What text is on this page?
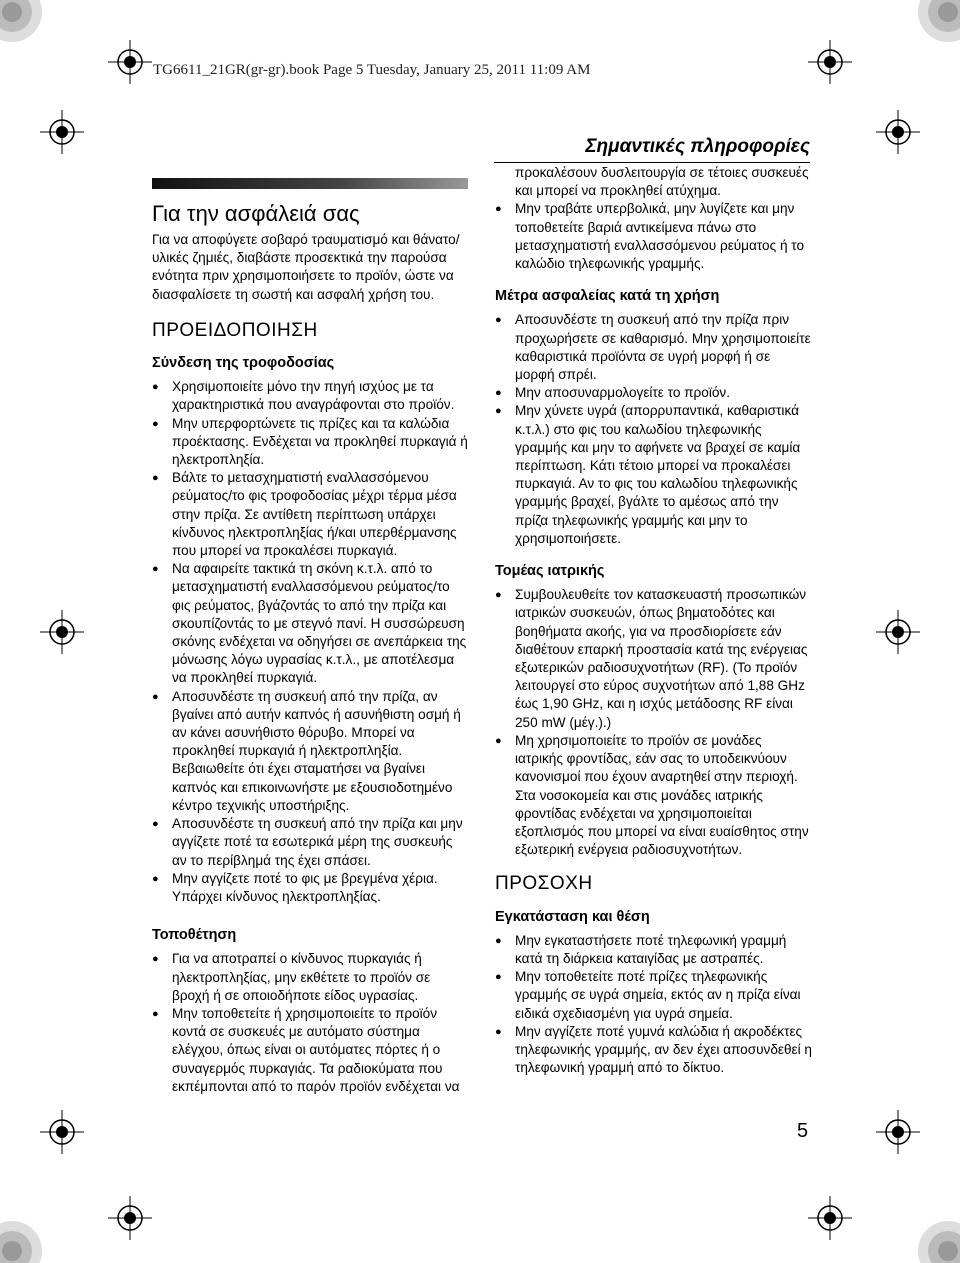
TG6611_21GR(gr-gr).book Page 5 Tuesday, January 25, 2011 11:09 AM
Σημαντικές πληροφορίες
Για την ασφάλειά σας

Για να αποφύγετε σοβαρό τραυματισμό και θάνατο/υλικές ζημιές, διαβάστε προσεκτικά την παρούσα ενότητα πριν χρησιμοποιήσετε το προϊόν, ώστε να διασφαλίσετε τη σωστή και ασφαλή χρήση του.

ΠΡΟΕΙΔΟΠΟΙΗΣΗ
Σύνδεση της τροφοδοσίας
● Χρησιμοποιείτε μόνο την πηγή ισχύος με τα χαρακτηριστικά που αναγράφονται στο προϊόν.
● Μην υπερφορτώνετε τις πρίζες και τα καλώδια προέκτασης. Ενδέχεται να προκληθεί πυρκαγιά ή ηλεκτροπληξία.
● Βάλτε το μετασχηματιστή εναλλασσόμενου ρεύματος/το φις τροφοδοσίας μέχρι τέρμα μέσα στην πρίζα. Σε αντίθετη περίπτωση υπάρχει κίνδυνος ηλεκτροπληξίας ή/και υπερθέρμανσης που μπορεί να προκαλέσει πυρκαγιά.
● Να αφαιρείτε τακτικά τη σκόνη κ.τ.λ. από το μετασχηματιστή εναλλασσόμενου ρεύματος/το φις ρεύματος, βγάζοντάς το από την πρίζα και σκουπίζοντάς το με στεγνό πανί. Η συσσώρευση σκόνης ενδέχεται να οδηγήσει σε ανεπάρκεια της μόνωσης λόγω υγρασίας κ.τ.λ., με αποτέλεσμα να προκληθεί πυρκαγιά.
● Αποσυνδέστε τη συσκευή από την πρίζα, αν βγαίνει από αυτήν καπνός ή ασυνήθιστη οσμή ή αν κάνει ασυνήθιστο θόρυβο. Μπορεί να προκληθεί πυρκαγιά ή ηλεκτροπληξία. Βεβαιωθείτε ότι έχει σταματήσει να βγαίνει καπνός και επικοινωνήστε με εξουσιοδοτημένο κέντρο τεχνικής υποστήριξης.
● Αποσυνδέστε τη συσκευή από την πρίζα και μην αγγίζετε ποτέ τα εσωτερικά μέρη της συσκευής αν το περίβλημά της έχει σπάσει.
● Μην αγγίζετε ποτέ το φις με βρεγμένα χέρια. Υπάρχει κίνδυνος ηλεκτροπληξίας.
Τοποθέτηση
● Για να αποτραπεί ο κίνδυνος πυρκαγιάς ή ηλεκτροπληξίας, μην εκθέτετε το προϊόν σε βροχή ή σε οποιοδήποτε είδος υγρασίας.
● Μην τοποθετείτε ή χρησιμοποιείτε το προϊόν κοντά σε συσκευές με αυτόματο σύστημα ελέγχου, όπως είναι οι αυτόματες πόρτες ή ο συναγερμός πυρκαγιάς. Τα ραδιοκύματα που εκπέμπονται από το παρόν προϊόν ενδέχεται να
προκαλέσουν δυσλειτουργία σε τέτοιες συσκευές και μπορεί να προκληθεί ατύχημα.
● Μην τραβάτε υπερβολικά, μην λυγίζετε και μην τοποθετείτε βαριά αντικείμενα πάνω στο μετασχηματιστή εναλλασσόμενου ρεύματος ή το καλώδιο τηλεφωνικής γραμμής.
Μέτρα ασφαλείας κατά τη χρήση
● Αποσυνδέστε τη συσκευή από την πρίζα πριν προχωρήσετε σε καθαρισμό. Μην χρησιμοποιείτε καθαριστικά προϊόντα σε υγρή μορφή ή σε μορφή σπρέι.
● Μην αποσυναρμολογείτε το προϊόν.
● Μην χύνετε υγρά (απορρυπαντικά, καθαριστικά κ.τ.λ.) στο φις του καλωδίου τηλεφωνικής γραμμής και μην το αφήνετε να βραχεί σε καμία περίπτωση. Κάτι τέτοιο μπορεί να προκαλέσει πυρκαγιά. Αν το φις του καλωδίου τηλεφωνικής γραμμής βραχεί, βγάλτε το αμέσως από την πρίζα τηλεφωνικής γραμμής και μην το χρησιμοποιήσετε.
Τομέας ιατρικής
● Συμβουλευθείτε τον κατασκευαστή προσωπικών ιατρικών συσκευών, όπως βηματοδότες και βοηθήματα ακοής, για να προσδιορίσετε εάν διαθέτουν επαρκή προστασία κατά της ενέργειας εξωτερικών ραδιοσυχνοτήτων (RF). (Το προϊόν λειτουργεί στο εύρος συχνοτήτων από 1,88 GHz έως 1,90 GHz, και η ισχύς μετάδοσης RF είναι 250 mW (μέγ.).)
● Μη χρησιμοποιείτε το προϊόν σε μονάδες ιατρικής φροντίδας, εάν σας το υποδεικνύουν κανονισμοί που έχουν αναρτηθεί στην περιοχή. Στα νοσοκομεία και στις μονάδες ιατρικής φροντίδας ενδέχεται να χρησιμοποιείται εξοπλισμός που μπορεί να είναι ευαίσθητος στην εξωτερική ενέργεια ραδιοσυχνοτήτων.
ΠΡΟΣΟΧΗ
Εγκατάσταση και θέση
● Μην εγκαταστήσετε ποτέ τηλεφωνική γραμμή κατά τη διάρκεια καταιγίδας με αστραπές.
● Μην τοποθετείτε ποτέ πρίζες τηλεφωνικής γραμμής σε υγρά σημεία, εκτός αν η πρίζα είναι ειδικά σχεδιασμένη για υγρά σημεία.
● Μην αγγίζετε ποτέ γυμνά καλώδια ή ακροδέκτες τηλεφωνικής γραμμής, αν δεν έχει αποσυνδεθεί η τηλεφωνική γραμμή από το δίκτυο.
5
